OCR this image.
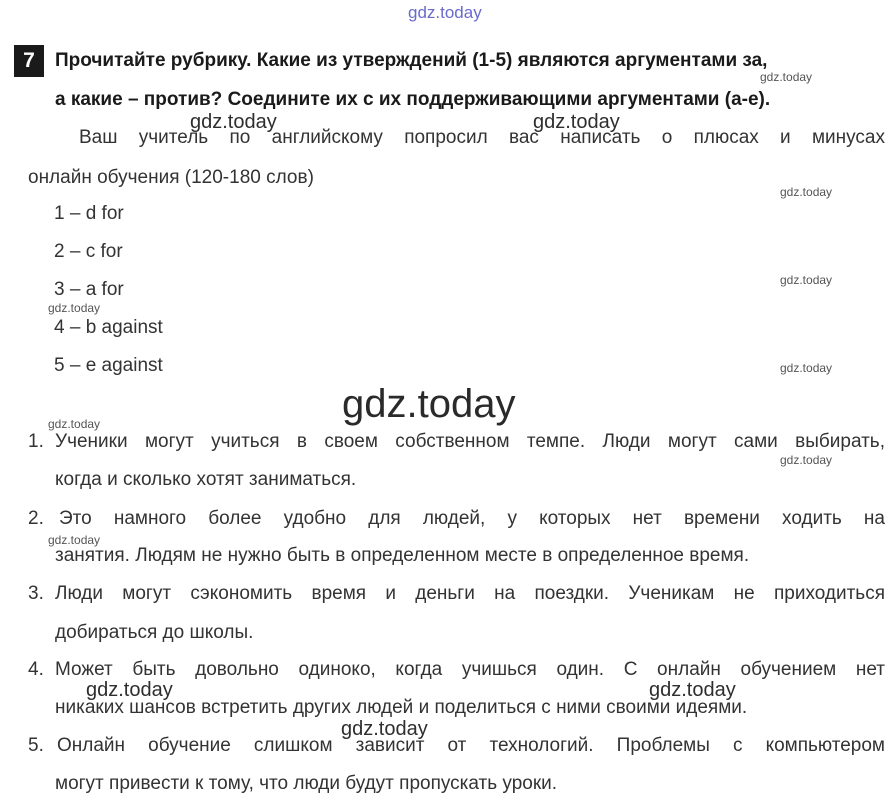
gdz.today
7	Прочитайте рубрику. Какие из утверждений (1-5) являются аргументами за,
а какие – против? Соедините их с их поддерживающими аргументами (a-e).
Ваш учитель по английскому попросил вас написать о плюсах и минусах
онлайн обучения (120-180 слов)
1 – d for
2 – c for
3 – a for
4 – b against
5 – e against
gdz.today
1. Ученики могут учиться в своем собственном темпе. Люди могут сами выбирать,
когда и сколько хотят заниматься.
2. Это намного более удобно для людей, у которых нет времени ходить на
занятия. Людям не нужно быть в определенном месте в определенное время.
3. Люди могут сэкономить время и деньги на поездки. Ученикам не приходиться
добираться до школы.
4. Может быть довольно одиноко, когда учишься один. С онлайн обучением нет
никаких шансов встретить других людей и поделиться с ними своими идеями.
5. Онлайн обучение слишком зависит от технологий. Проблемы с компьютером
могут привести к тому, что люди будут пропускать уроки.
gdz.today
gdz.today	gdz.today
gdz.today
gdz.today
gdz.today
gdz.today
gdz.today
gdz.today
gdz.today
gdz.today	gdz.today
gdz.today
